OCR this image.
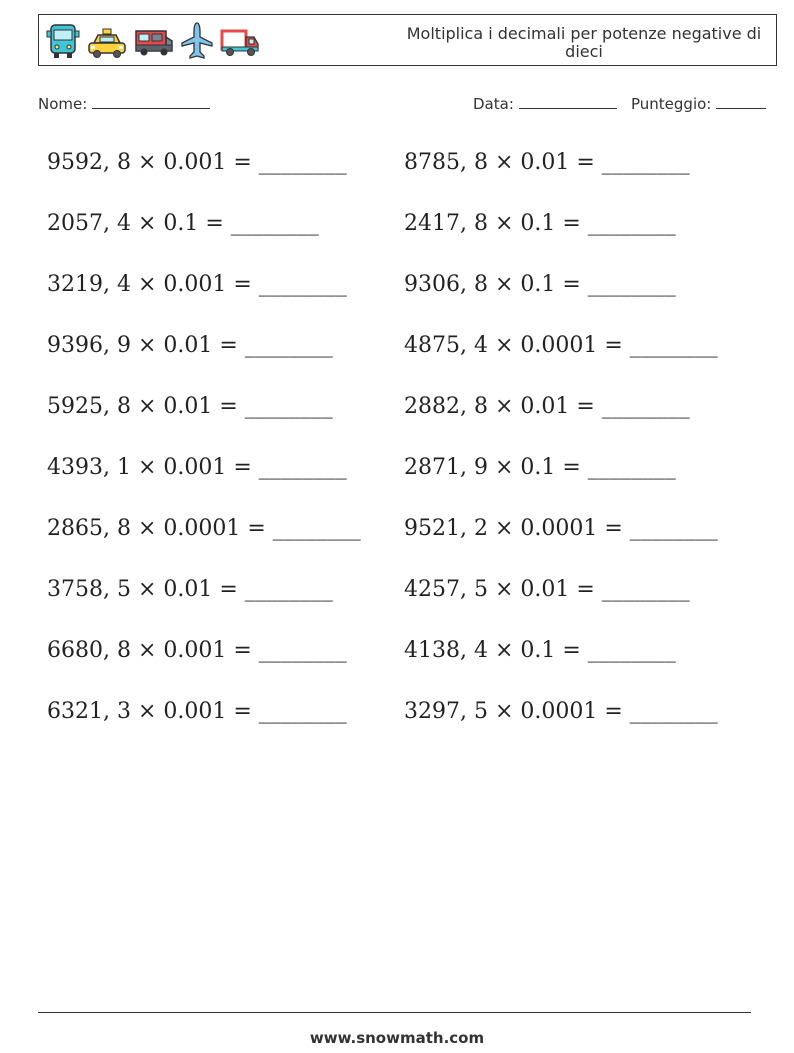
Moltiplica i decimali per potenze negative di dieci
Nome:	Data:	Punteggio:
9592, 8 × 0.001 = ________	8785, 8 × 0.01 = ________
2057, 4 × 0.1 = ________	2417, 8 × 0.1 = ________
3219, 4 × 0.001 = ________	9306, 8 × 0.1 = ________
9396, 9 × 0.01 = ________	4875, 4 × 0.0001 = ________
5925, 8 × 0.01 = ________	2882, 8 × 0.01 = ________
4393, 1 × 0.001 = ________	2871, 9 × 0.1 = ________
2865, 8 × 0.0001 = ________ 9521, 2 × 0.0001 = ________
3758, 5 × 0.01 = ________	4257, 5 × 0.01 = ________
6680, 8 × 0.001 = ________	4138, 4 × 0.1 = ________
6321, 3 × 0.001 = ________	3297, 5 × 0.0001 = ________
www.snowmath.com
